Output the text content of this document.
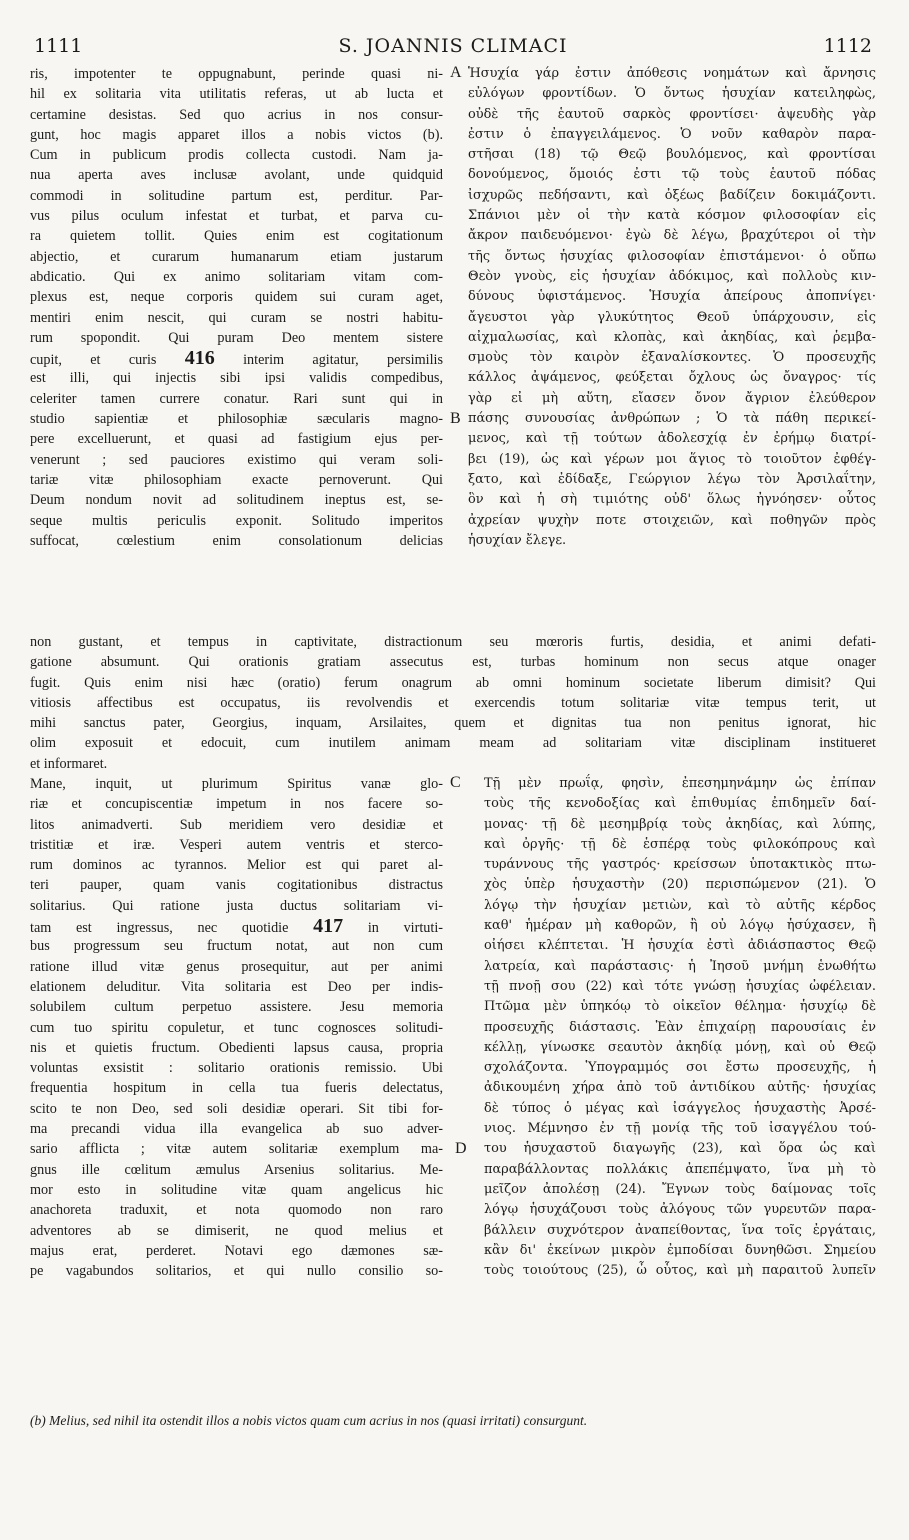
1111	S. JOANNIS CLIMACI	1112
ris, impotenter te oppugnabunt, perinde quasi ni-
hil ex solitaria vita utilitatis referas, ut ab lucta et
certamine desistas. Sed quo acrius in nos consur-
gunt, hoc magis apparet illos a nobis victos (b).
Cum in publicum prodis collecta custodi. Nam ja-
nua aperta aves inclusæ avolant, unde quidquid
commodi in solitudine partum est, perditur. Par-
vus pilus oculum infestat et turbat, et parva cu-
ra quietem tollit. Quies enim est cogitationum
abjectio, et curarum humanarum etiam justarum
abdicatio. Qui ex animo solitariam vitam com-
plexus est, neque corporis quidem sui curam aget,
mentiri enim nescit, qui curam se nostri habitu-
rum spopondit. Qui puram Deo mentem sistere
cupit, et curis 416 interim agitatur, persimilis
est illi, qui injectis sibi ipsi validis compedibus,
celeriter tamen currere conatur. Rari sunt qui in
studio sapientiæ et philosophiæ sæcularis magno-
pere excelluerunt, et quasi ad fastigium ejus per-
venerunt ; sed pauciores existimo qui veram soli-
tariæ vitæ philosophiam exacte pernoverunt. Qui
Deum nondum novit ad solitudinem ineptus est, se-
seque multis periculis exponit. Solitudo imperitos
suffocat, cœlestium enim consolationum delicias
Ἡσυχία γάρ ἐστιν ἀπόθεσις νοημάτων καὶ ἄρνησις
εὐλόγων φροντίδων. Ὁ ὄντως ἡσυχίαν κατειληφὼς,
οὐδὲ τῆς ἑαυτοῦ σαρκὸς φροντίσει· ἀψευδὴς γὰρ
ἐστιν ὁ ἐπαγγειλάμενος. Ὁ νοῦν καθαρὸν παρα-
στῆσαι (18) τῷ Θεῷ βουλόμενος, καὶ φροντίσαι
δονούμενος, ὅμοιός ἐστι τῷ τοὺς ἑαυτοῦ πόδας
ἰσχυρῶς πεδήσαντι, καὶ ὀξέως βαδίζειν δοκιμάζοντι.
Σπάνιοι μὲν οἱ τὴν κατὰ κόσμον φιλοσοφίαν εἰς
ἄκρον παιδευόμενοι· ἐγὼ δὲ λέγω, βραχύτεροι οἱ τὴν
τῆς ὄντως ἡσυχίας φιλοσοφίαν ἐπιστάμενοι· ὁ οὔπω
Θεὸν γνοὺς, εἰς ἡσυχίαν ἀδόκιμος, καὶ πολλοὺς κιν-
δύνους ὑφιστάμενος. Ἡσυχία ἀπείρους ἀποπνίγει·
ἄγευστοι γὰρ γλυκύτητος Θεοῦ ὑπάρχουσιν, εἰς
αἰχμαλωσίας, καὶ κλοπὰς, καὶ ἀκηδίας, καὶ ῥεμβα-
σμοὺς τὸν καιρὸν ἐξαναλίσκοντες. Ὁ προσευχῆς
κάλλος ἀψάμενος, φεύξεται ὄχλους ὡς ὄναγρος· τίς
γὰρ εἰ μὴ αὕτη, εἴασεν ὄνον ἄγριον ἐλεύθερον
πάσης συνουσίας ἀνθρώπων ; Ὁ τὰ πάθη περικεί-
μενος, καὶ τῇ τούτων ἀδολεσχίᾳ ἐν ἐρήμῳ διατρί-
βει (19), ὡς καὶ γέρων μοι ἅγιος τὸ τοιοῦτον ἐφθέγ-
ξατο, καὶ ἐδίδαξε, Γεώργιον λέγω τὸν Ἀρσιλαΐτην,
ὃν καὶ ἡ σὴ τιμιότης οὐδ' ὅλως ἠγνόησεν· οὗτος
ἀχρείαν ψυχὴν ποτε στοιχειῶν, καὶ ποθηγῶν πρὸς
ἡσυχίαν ἔλεγε.
A
B
non gustant, et tempus in captivitate, distractionum seu mœroris furtis, desidia, et animi defati-
gatione absumunt. Qui orationis gratiam assecutus est, turbas hominum non secus atque onager
fugit. Quis enim nisi hæc (oratio) ferum onagrum ab omni hominum societate liberum dimisit? Qui
vitiosis affectibus est occupatus, iis revolvendis et exercendis totum solitariæ vitæ tempus terit, ut
mihi sanctus pater, Georgius, inquam, Arsilaites, quem et dignitas tua non penitus ignorat, hic
olim exposuit et edocuit, cum inutilem animam meam ad solitariam vitæ disciplinam institueret
et informaret.
Mane, inquit, ut plurimum Spiritus vanæ glo-
riæ et concupiscentiæ impetum in nos facere so-
litos animadverti. Sub meridiem vero desidiæ et
tristitiæ et iræ. Vesperi autem ventris et sterco-
rum dominos ac tyrannos. Melior est qui paret al-
teri pauper, quam vanis cogitationibus distractus
solitarius. Qui ratione justa ductus solitariam vi-
tam est ingressus, nec quotidie 417 in virtuti-
bus progressum seu fructum notat, aut non cum
ratione illud vitæ genus prosequitur, aut per animi
elationem deluditur. Vita solitaria est Deo per indis-
solubilem cultum perpetuo assistere. Jesu memoria
cum tuo spiritu copuletur, et tunc cognosces solitudi-
nis et quietis fructum. Obedienti lapsus causa, propria
voluntas exsistit : solitario orationis remissio. Ubi
frequentia hospitum in cella tua fueris delectatus,
scito te non Deo, sed soli desidiæ operari. Sit tibi for-
ma precandi vidua illa evangelica ab suo adver-
sario afflicta ; vitæ autem solitariæ exemplum ma-
gnus ille cœlitum æmulus Arsenius solitarius. Me-
mor esto in solitudine vitæ quam angelicus hic
anachoreta traduxit, et nota quomodo non raro
adventores ab se dimiserit, ne quod melius et
majus erat, perderet. Notavi ego dæmones sæ-
pe vagabundos solitarios, et qui nullo consilio so-
Τῇ μὲν πρωΐᾳ, φησὶν, ἐπεσημηνάμην ὡς ἐπίπαν
τοὺς τῆς κενοδοξίας καὶ ἐπιθυμίας ἐπιδημεῖν δαί-
μονας· τῇ δὲ μεσημβρίᾳ τοὺς ἀκηδίας, καὶ λύπης,
καὶ ὀργῆς· τῇ δὲ ἑσπέρᾳ τοὺς φιλοκόπρους καὶ
τυράννους τῆς γαστρός· κρείσσων ὑποτακτικὸς πτω-
χὸς ὑπὲρ ἡσυχαστὴν (20) περισπώμενον (21). Ὁ
λόγῳ τὴν ἡσυχίαν μετιὼν, καὶ τὸ αὐτῆς κέρδος
καθ' ἡμέραν μὴ καθορῶν, ἢ οὐ λόγῳ ἡσύχασεν, ἢ
οἰήσει κλέπτεται. Ἡ ἡσυχία ἐστὶ ἀδιάσπαστος Θεῷ
λατρεία, καὶ παράστασις· ἡ Ἰησοῦ μνήμη ἑνωθήτω
τῇ πνοῇ σου (22) καὶ τότε γνώσῃ ἡσυχίας ὠφέλειαν.
Πτῶμα μὲν ὑπηκόῳ τὸ οἰκεῖον θέλημα· ἡσυχίῳ δὲ
προσευχῆς διάστασις. Ἐὰν ἐπιχαίρῃ παρουσίαις ἐν
κέλλῃ, γίνωσκε σεαυτὸν ἀκηδίᾳ μόνῃ, καὶ οὐ Θεῷ
σχολάζοντα. Ὑπογραμμός σοι ἔστω προσευχῆς, ἡ
ἀδικουμένη χήρα ἀπὸ τοῦ ἀντιδίκου αὐτῆς· ἡσυχίας
δὲ τύπος ὁ μέγας καὶ ἰσάγγελος ἡσυχαστὴς Ἀρσέ-
νιος. Μέμνησο ἐν τῇ μονίᾳ τῆς τοῦ ἰσαγγέλου τού-
του ἡσυχαστοῦ διαγωγῆς (23), καὶ ὅρα ὡς καὶ
παραβάλλοντας πολλάκις ἀπεπέμψατο, ἵνα μὴ τὸ
μεῖζον ἀπολέσῃ (24). Ἔγνων τοὺς δαίμονας τοῖς
λόγῳ ἡσυχάζουσι τοὺς ἀλόγους τῶν γυρευτῶν παρα-
βάλλειν συχνότερον ἀναπείθοντας, ἵνα τοῖς ἐργάταις,
κἂν δι' ἐκείνων μικρὸν ἐμποδίσαι δυνηθῶσι. Σημείου
τοὺς τοιούτους (25), ὦ οὗτος, καὶ μὴ παραιτοῦ λυπεῖν
C
D
(b) Melius, sed nihil ita ostendit illos a nobis victos quam cum acrius in nos (quasi irritati) consurgunt.
